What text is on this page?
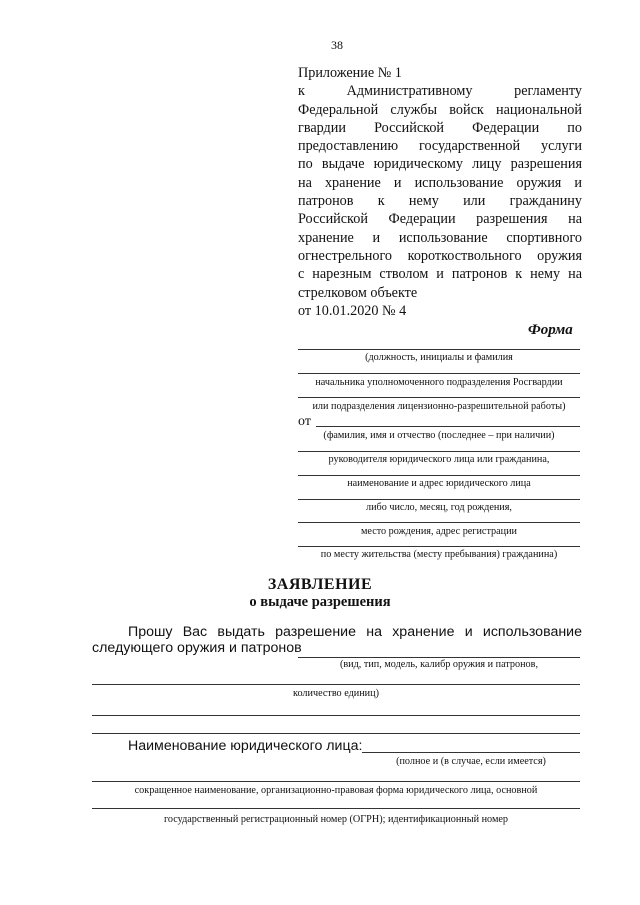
38
Приложение № 1
к Административному регламенту
Федеральной службы войск национальной
гвардии Российской Федерации по
предоставлению государственной услуги
по выдаче юридическому лицу разрешения
на хранение и использование оружия и
патронов к нему или гражданину
Российской Федерации разрешения на
хранение и использование спортивного
огнестрельного короткоствольного оружия
с нарезным стволом и патронов к нему на
стрелковом объекте
от 10.01.2020 № 4
Форма
(должность, инициалы и фамилия
начальника уполномоченного подразделения Росгвардии
или подразделения лицензионно-разрешительной работы)
от
(фамилия, имя и отчество (последнее – при наличии)
руководителя юридического лица или гражданина,
наименование и адрес юридического лица
либо число, месяц, год рождения,
место рождения, адрес регистрации
по месту жительства (месту пребывания) гражданина)
ЗАЯВЛЕНИЕ
о выдаче разрешения
Прошу Вас выдать разрешение на хранение и использование
следующего оружия и патронов
(вид, тип, модель, калибр оружия и патронов,
количество единиц)
Наименование юридического лица:
(полное и (в случае, если имеется)
сокращенное наименование, организационно-правовая форма юридического лица, основной
государственный регистрационный номер (ОГРН); идентификационный номер
